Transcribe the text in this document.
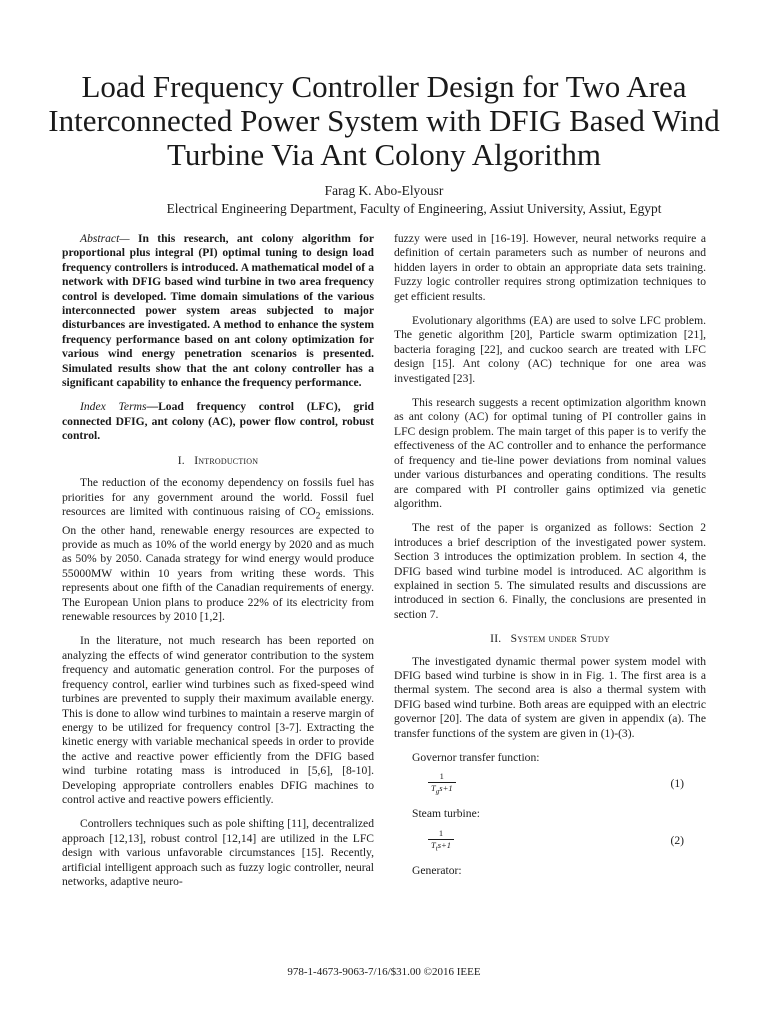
Load Frequency Controller Design for Two Area
Interconnected Power System with DFIG Based Wind
Turbine Via Ant Colony Algorithm
Farag K. Abo-Elyousr
Electrical Engineering Department, Faculty of Engineering, Assiut University, Assiut, Egypt

Abstract— In this research, ant colony algorithm for proportional plus integral (PI) optimal tuning to design load frequency controllers is introduced. A mathematical model of a network with DFIG based wind turbine in two area frequency control is developed. Time domain simulations of the various interconnected power system areas subjected to major disturbances are investigated. A method to enhance the system frequency performance based on ant colony optimization for various wind energy penetration scenarios is presented. Simulated results show that the ant colony controller has a significant capability to enhance the frequency performance.

Index Terms—Load frequency control (LFC), grid connected DFIG, ant colony (AC), power flow control, robust control.

I. Introduction

The reduction of the economy dependency on fossils fuel has priorities for any government around the world. Fossil fuel resources are limited with continuous raising of $CO_2$ emissions. On the other hand, renewable energy resources are expected to provide as much as 10% of the world energy by 2020 and as much as 50% by 2050. Canada strategy for wind energy would produce 55000MW within 10 years from writing these words. This represents about one fifth of the Canadian requirements of energy. The European Union plans to produce 22% of its electricity from renewable resources by 2010 [1,2].

In the literature, not much research has been reported on analyzing the effects of wind generator contribution to the system frequency and automatic generation control. For the purposes of frequency control, earlier wind turbines such as fixed-speed wind turbines are prevented to supply their maximum available energy. This is done to allow wind turbines to maintain a reserve margin of energy to be utilized for frequency control [3-7]. Extracting the kinetic energy with variable mechanical speeds in order to provide the active and reactive power efficiently from the DFIG based wind turbine rotating mass is introduced in [5,6], [8-10]. Developing appropriate controllers enables DFIG machines to control active and reactive powers efficiently.

Controllers techniques such as pole shifting [11], decentralized approach [12,13], robust control [12,14] are utilized in the LFC design with various unfavorable circumstances [15]. Recently, artificial intelligent approach such as fuzzy logic controller, neural networks, adaptive neuro-

fuzzy were used in [16-19]. However, neural networks require a definition of certain parameters such as number of neurons and hidden layers in order to obtain an appropriate data sets training. Fuzzy logic controller requires strong optimization techniques to get efficient results.

Evolutionary algorithms (EA) are used to solve LFC problem. The genetic algorithm [20], Particle swarm optimization [21], bacteria foraging [22], and cuckoo search are treated with LFC design [15]. Ant colony (AC) technique for one area was investigated [23].

This research suggests a recent optimization algorithm known as ant colony (AC) for optimal tuning of PI controller gains in LFC design problem. The main target of this paper is to verify the effectiveness of the AC controller and to enhance the performance of frequency and tie-line power deviations from nominal values under various disturbances and operating conditions. The results are compared with PI controller gains optimized via genetic algorithm.

The rest of the paper is organized as follows: Section 2 introduces a brief description of the investigated power system. Section 3 introduces the optimization problem. In section 4, the DFIG based wind turbine model is introduced. AC algorithm is explained in section 5. The simulated results and discussions are introduced in section 6. Finally, the conclusions are presented in section 7.

II. System under Study

The investigated dynamic thermal power system model with DFIG based wind turbine is show in in Fig. 1. The first area is a thermal system. The second area is also a thermal system with DFIG based wind turbine. Both areas are equipped with an electric governor [20]. The data of system are given in appendix (a). The transfer functions of the system are given in (1)-(3).

Governor transfer function:
1
$T_gs+1$	(1)
Steam turbine:
1
$T_ts+1$	(2)
Generator:
978-1-4673-9063-7/16/$31.00 ©2016 IEEE
